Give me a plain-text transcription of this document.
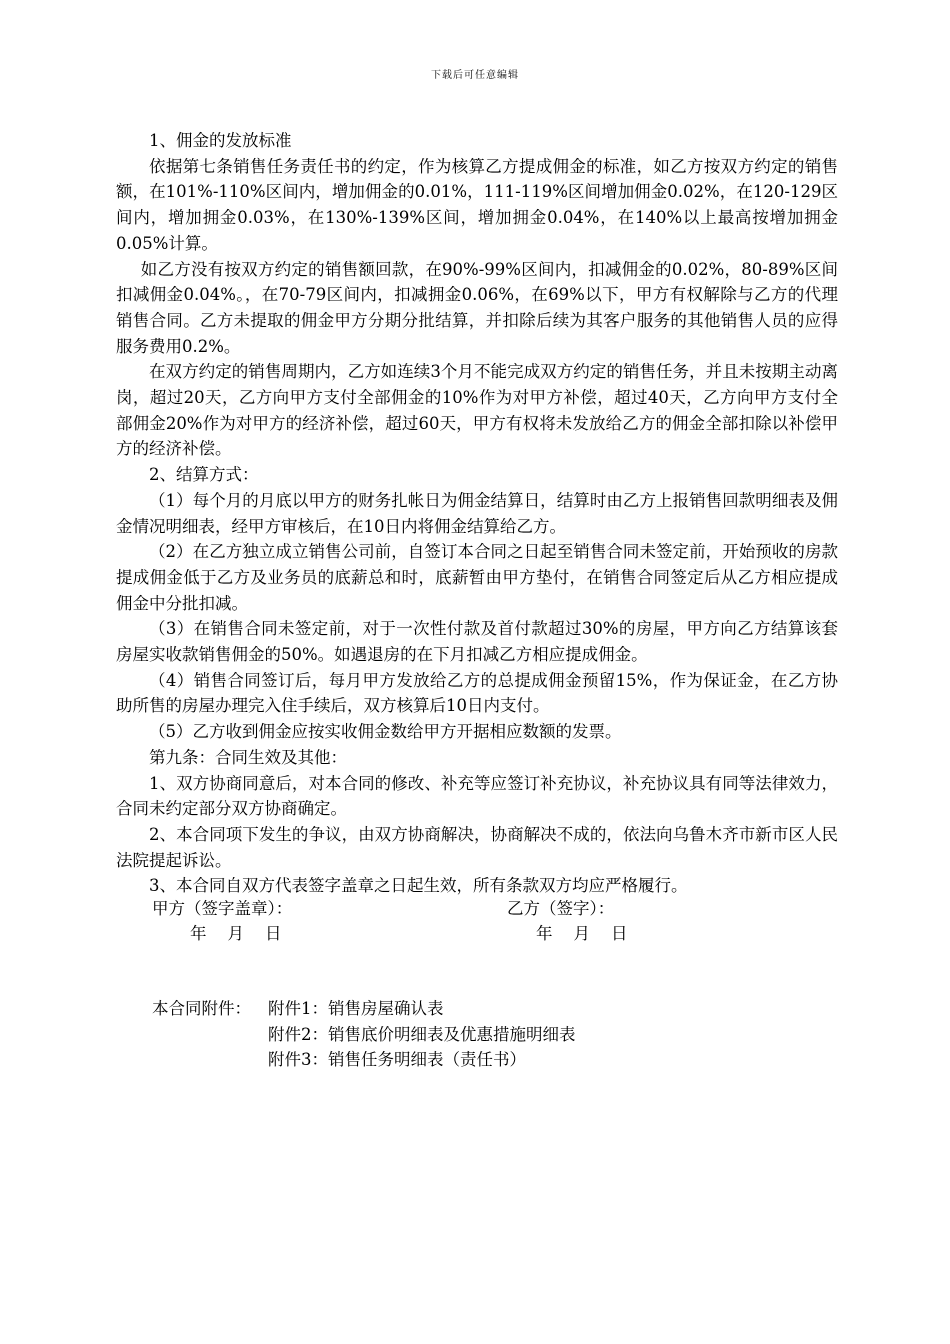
下载后可任意编辑

1、佣金的发放标准

依据第七条销售任务责任书的约定，作为核算乙方提成佣金的标准，如乙方按双方约定的销售额，在101%-110%区间内，增加佣金的0.01%，111-119%区间增加佣金0.02%，在120-129区间内，增加拥金0.03%，在130%-139%区间，增加拥金0.04%，在140%以上最高按增加拥金0.05%计算。

如乙方没有按双方约定的销售额回款，在90%-99%区间内，扣减佣金的0.02%，80-89%区间扣减佣金0.04%。，在70-79区间内，扣减拥金0.06%，在69%以下，甲方有权解除与乙方的代理销售合同。乙方未提取的佣金甲方分期分批结算，并扣除后续为其客户服务的其他销售人员的应得服务费用0.2%。

在双方约定的销售周期内，乙方如连续3个月不能完成双方约定的销售任务，并且未按期主动离岗，超过20天，乙方向甲方支付全部佣金的10%作为对甲方补偿，超过40天，乙方向甲方支付全部佣金20%作为对甲方的经济补偿，超过60天，甲方有权将未发放给乙方的佣金全部扣除以补偿甲方的经济补偿。

2、结算方式：

（1）每个月的月底以甲方的财务扎帐日为佣金结算日，结算时由乙方上报销售回款明细表及佣金情况明细表，经甲方审核后，在10日内将佣金结算给乙方。

（2）在乙方独立成立销售公司前，自签订本合同之日起至销售合同未签定前，开始预收的房款提成佣金低于乙方及业务员的底薪总和时，底薪暂由甲方垫付，在销售合同签定后从乙方相应提成佣金中分批扣减。

（3）在销售合同未签定前，对于一次性付款及首付款超过30%的房屋，甲方向乙方结算该套房屋实收款销售佣金的50%。如遇退房的在下月扣减乙方相应提成佣金。

（4）销售合同签订后，每月甲方发放给乙方的总提成佣金预留15%，作为保证金，在乙方协助所售的房屋办理完入住手续后，双方核算后10日内支付。

（5）乙方收到佣金应按实收佣金数给甲方开据相应数额的发票。

第九条：合同生效及其他：

1、双方协商同意后，对本合同的修改、补充等应签订补充协议，补充协议具有同等法律效力，合同未约定部分双方协商确定。

2、本合同项下发生的争议，由双方协商解决，协商解决不成的，依法向乌鲁木齐市新市区人民法院提起诉讼。

3、本合同自双方代表签字盖章之日起生效，所有条款双方均应严格履行。

甲方（签字盖章）：	乙方（签字）：
年    月    日	年    月    日
本合同附件： 附件1：销售房屋确认表
附件2：销售底价明细表及优惠措施明细表
附件3：销售任务明细表（责任书）
